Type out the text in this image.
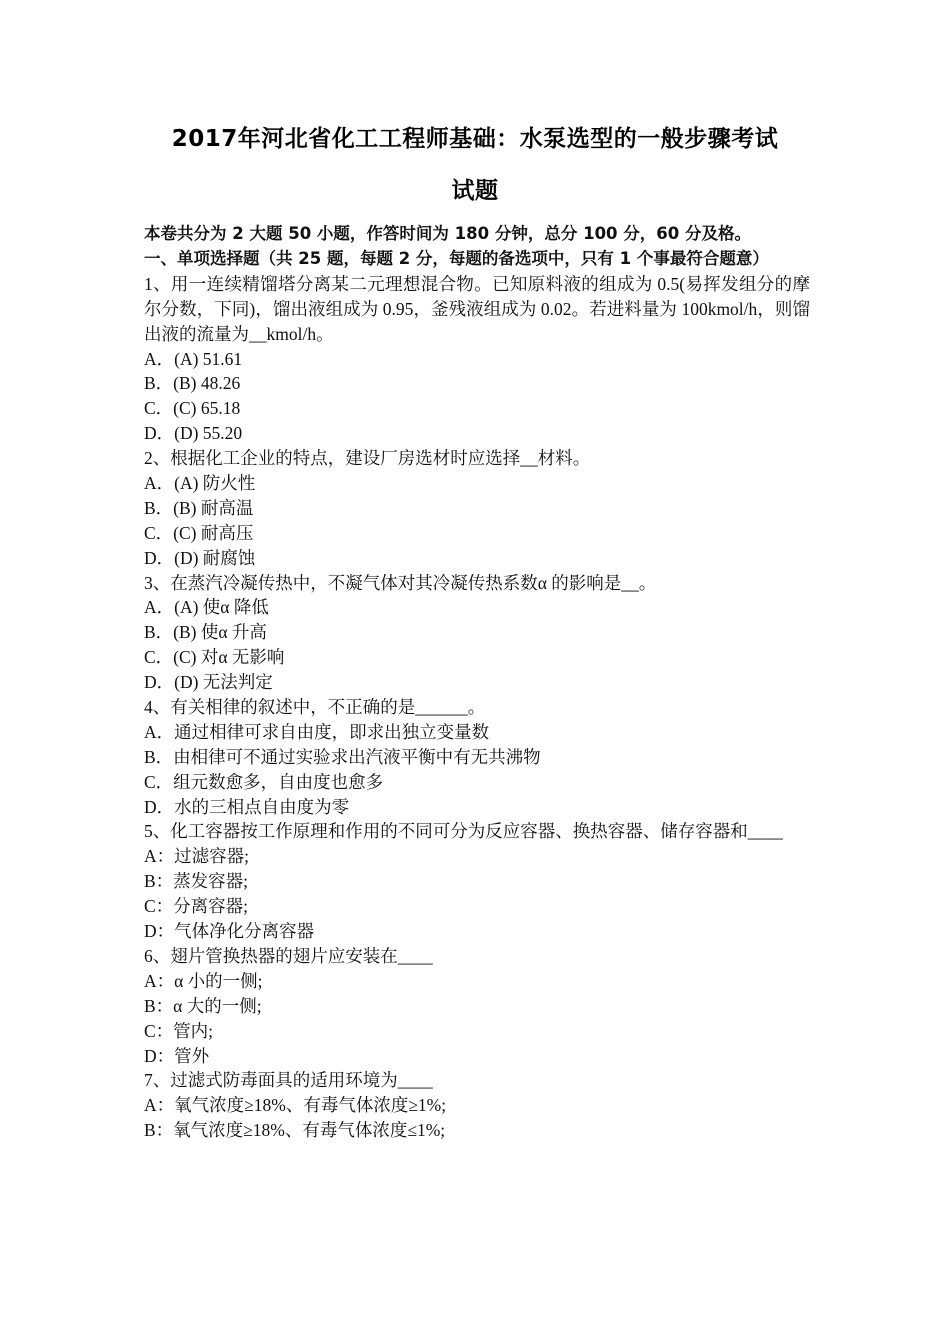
2017年河北省化工工程师基础：水泵选型的一般步骤考试
试题
本卷共分为 2 大题 50 小题，作答时间为 180 分钟，总分 100 分，60 分及格。
一、单项选择题（共 25 题，每题 2 分，每题的备选项中，只有 1 个事最符合题意）
1、用一连续精馏塔分离某二元理想混合物。已知原料液的组成为 0.5(易挥发组分的摩尔分数，下同)，馏出液组成为 0.95，釜残液组成为 0.02。若进料量为 100kmol/h，则馏出液的流量为__kmol/h。
A．(A) 51.61
B．(B) 48.26
C．(C) 65.18
D．(D) 55.20
2、根据化工企业的特点，建设厂房选材时应选择__材料。
A．(A) 防火性
B．(B) 耐高温
C．(C) 耐高压
D．(D) 耐腐蚀
3、在蒸汽冷凝传热中，不凝气体对其冷凝传热系数α 的影响是__。
A．(A) 使α 降低
B．(B) 使α 升高
C．(C) 对α 无影响
D．(D) 无法判定
4、有关相律的叙述中，不正确的是______。
A．通过相律可求自由度，即求出独立变量数
B．由相律可不通过实验求出汽液平衡中有无共沸物
C．组元数愈多，自由度也愈多
D．水的三相点自由度为零
5、化工容器按工作原理和作用的不同可分为反应容器、换热容器、储存容器和____
A：过滤容器;
B：蒸发容器;
C：分离容器;
D：气体净化分离容器
6、翅片管换热器的翅片应安装在____
A：α 小的一侧;
B：α 大的一侧;
C：管内;
D：管外
7、过滤式防毒面具的适用环境为____
A：氧气浓度≥18%、有毒气体浓度≥1%;
B：氧气浓度≥18%、有毒气体浓度≤1%;
